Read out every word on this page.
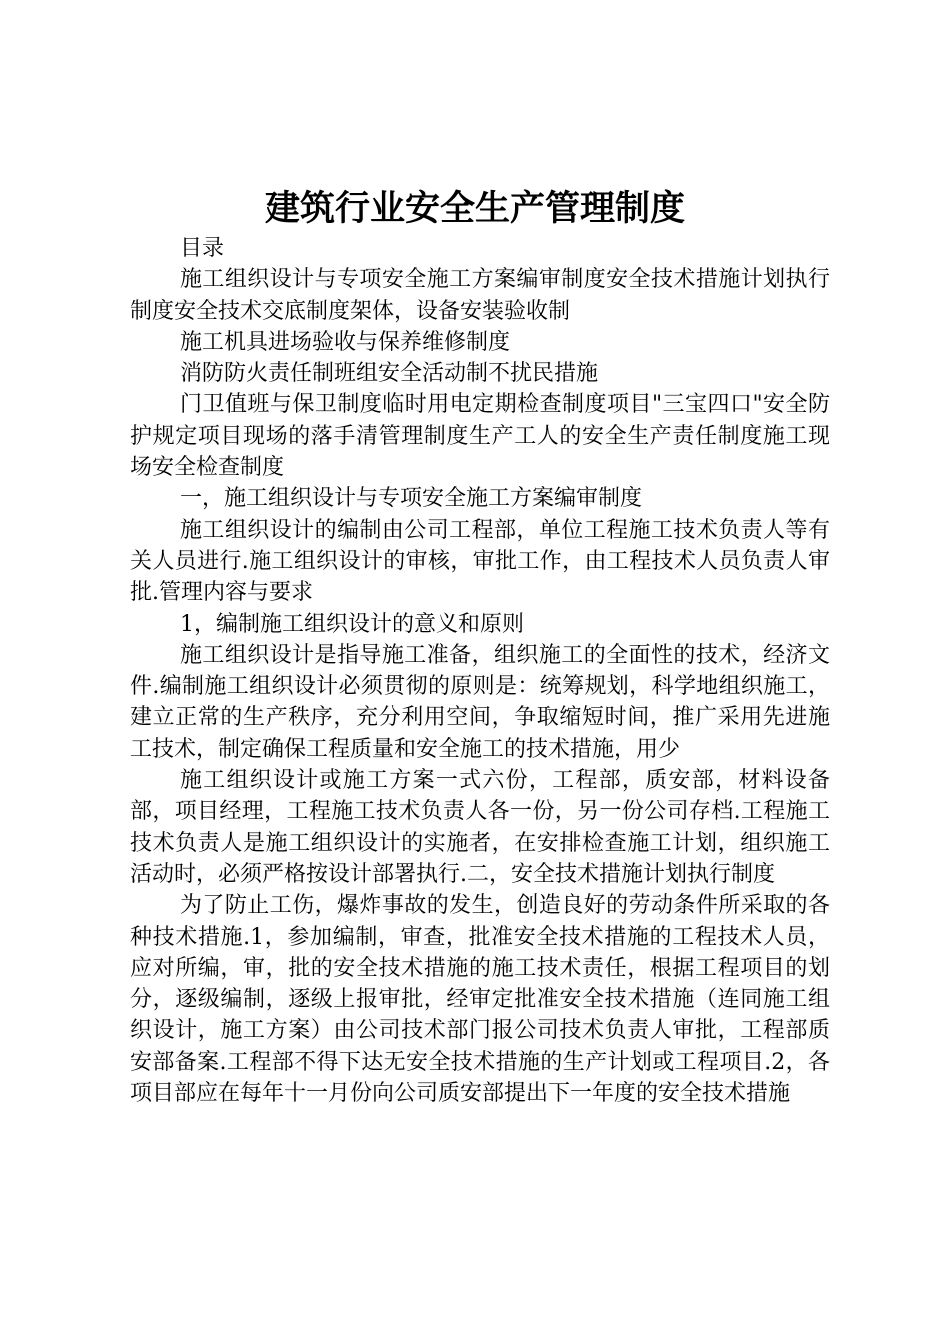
建筑行业安全生产管理制度

目录

施工组织设计与专项安全施工方案编审制度安全技术措施计划执行制度安全技术交底制度架体，设备安装验收制

施工机具进场验收与保养维修制度

消防防火责任制班组安全活动制不扰民措施

门卫值班与保卫制度临时用电定期检查制度项目"三宝四口"安全防护规定项目现场的落手清管理制度生产工人的安全生产责任制度施工现场安全检查制度

一，施工组织设计与专项安全施工方案编审制度

施工组织设计的编制由公司工程部，单位工程施工技术负责人等有关人员进行.施工组织设计的审核，审批工作，由工程技术人员负责人审批.管理内容与要求

1，编制施工组织设计的意义和原则

施工组织设计是指导施工准备，组织施工的全面性的技术，经济文件.编制施工组织设计必须贯彻的原则是：统筹规划，科学地组织施工，建立正常的生产秩序，充分利用空间，争取缩短时间，推广采用先进施工技术，制定确保工程质量和安全施工的技术措施，用少

施工组织设计或施工方案一式六份，工程部，质安部，材料设备部，项目经理，工程施工技术负责人各一份，另一份公司存档.工程施工技术负责人是施工组织设计的实施者，在安排检查施工计划，组织施工活动时，必须严格按设计部署执行.二，安全技术措施计划执行制度

为了防止工伤，爆炸事故的发生，创造良好的劳动条件所采取的各种技术措施.1，参加编制，审查，批准安全技术措施的工程技术人员，应对所编，审，批的安全技术措施的施工技术责任，根据工程项目的划分，逐级编制，逐级上报审批，经审定批准安全技术措施（连同施工组织设计，施工方案）由公司技术部门报公司技术负责人审批，工程部质安部备案.工程部不得下达无安全技术措施的生产计划或工程项目.2，各项目部应在每年十一月份向公司质安部提出下一年度的安全技术措施
